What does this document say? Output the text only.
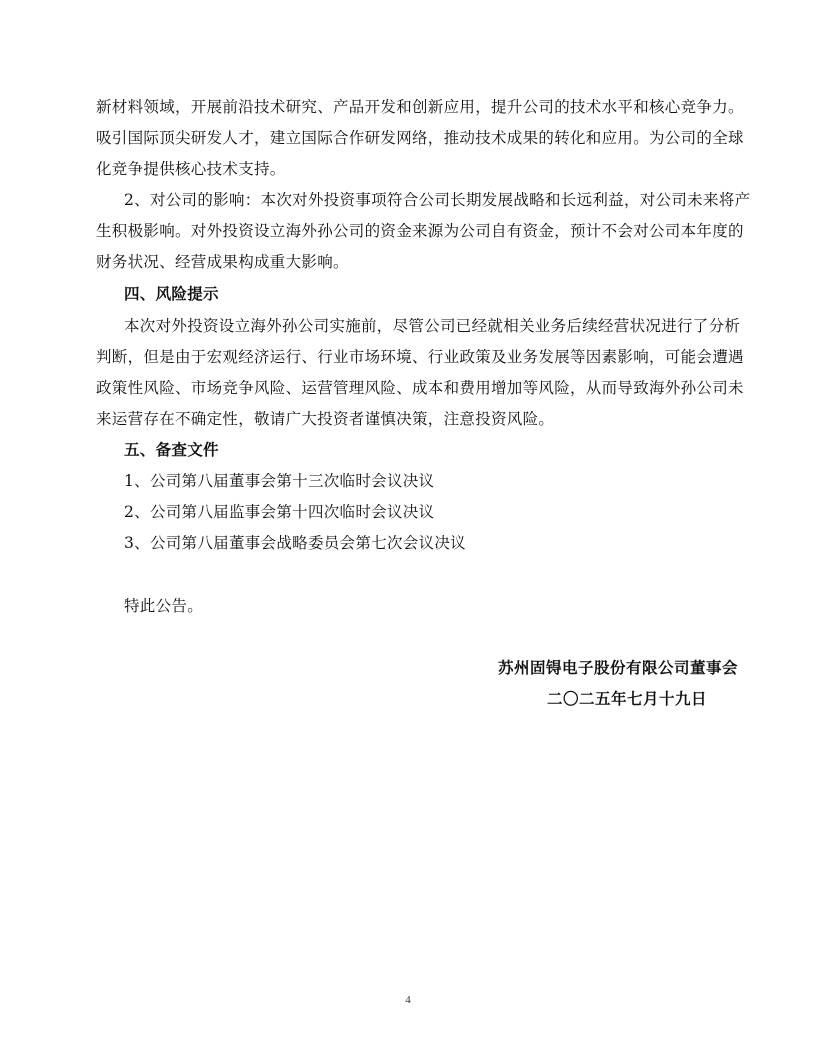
新材料领域，开展前沿技术研究、产品开发和创新应用，提升公司的技术水平和核心竞争力。
吸引国际顶尖研发人才，建立国际合作研发网络，推动技术成果的转化和应用。为公司的全球
化竞争提供核心技术支持。
2、对公司的影响：本次对外投资事项符合公司长期发展战略和长远利益，对公司未来将产
生积极影响。对外投资设立海外孙公司的资金来源为公司自有资金，预计不会对公司本年度的
财务状况、经营成果构成重大影响。
四、风险提示
本次对外投资设立海外孙公司实施前，尽管公司已经就相关业务后续经营状况进行了分析
判断，但是由于宏观经济运行、行业市场环境、行业政策及业务发展等因素影响，可能会遭遇
政策性风险、市场竞争风险、运营管理风险、成本和费用增加等风险，从而导致海外孙公司未
来运营存在不确定性，敬请广大投资者谨慎决策，注意投资风险。
五、备查文件
1、公司第八届董事会第十三次临时会议决议
2、公司第八届监事会第十四次临时会议决议
3、公司第八届董事会战略委员会第七次会议决议
特此公告。
苏州固锝电子股份有限公司董事会
二〇二五年七月十九日
4
